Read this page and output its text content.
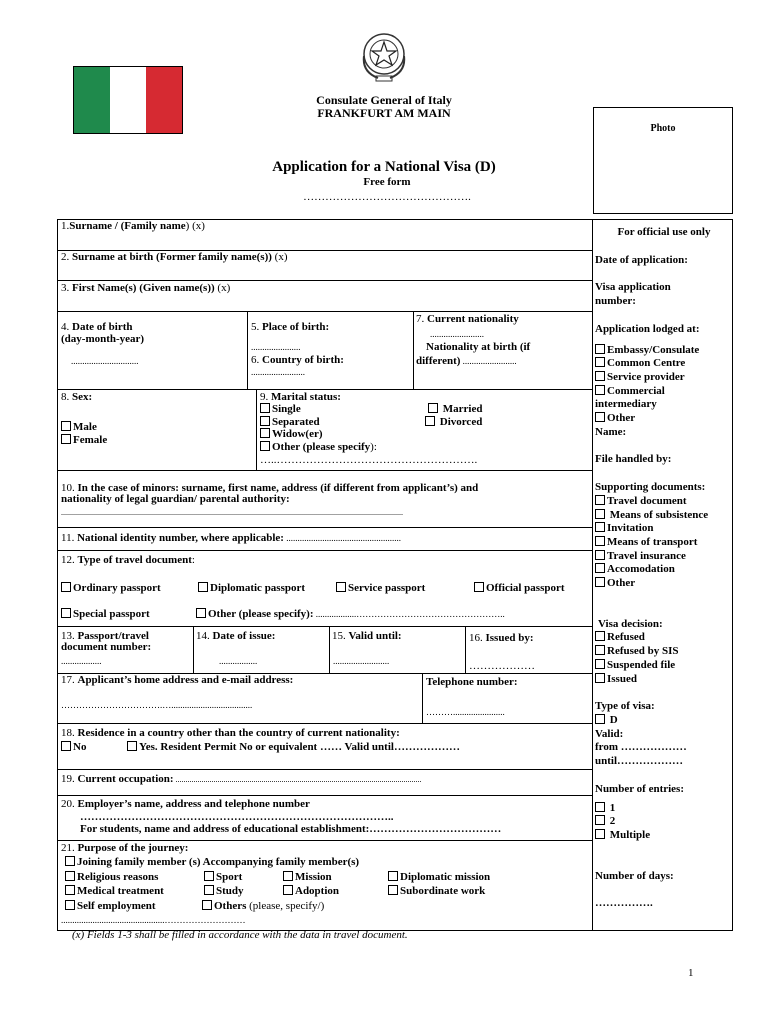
Consulate General of Italy
FRANKFURT AM MAIN
Photo
Application for a National Visa (D)
Free form
……………………………………….
1.Surname / (Family name) (x)
2. Surname at birth (Former family name(s)) (x)
3. First Name(s) (Given name(s)) (x)
4. Date of birth
(day-month-year)
..............................
5. Place of birth:
......................
6. Country of birth:
........................
7. Current nationality
........................
Nationality at birth (if
different) ........................
8. Sex:
Male
Female
9. Marital status:
Single	Married
Separated	Divorced
Widow(er)
Other (please specify):
…..……………………………………………….
10. In the case of minors: surname, first name, address (if different from applicant’s) and
nationality of legal guardian/ parental authority:
...........................................................................................................................................................................
11. National identity number, where applicable: ...................................................
12. Type of travel document:
Ordinary passport	Diplomatic passport	Service passport	Official passport
Special passport	Other (please specify): ..................…………………………………………..
13. Passport/travel
document number:
..................
14. Date of issue:
.................
15. Valid until:
.........................
16. Issued by:
………………
17. Applicant’s home address and e-mail address:
…………………………….…....................................
Telephone number:
……….......................
18. Residence in a country other than the country of current nationality:
No	Yes. Resident Permit No or equivalent …… Valid until………………
19. Current occupation: ...........................................................................................................................
20. Employer’s name, address and telephone number
…………………………………………………………………………..
For students, name and address of educational establishment:………………………………
21. Purpose of the journey:
Joining family member (s) Accompanying family member(s)
Religious reasons	Sport	Mission	Diplomatic mission
Medical treatment	Study	Adoption	Subordinate work
Self employment	Others (please, specify/)
..............................................………………………
(x) Fields 1-3 shall be filled in accordance with the data in travel document.
1
For official use only
Date of application:
Visa application
number:
Application lodged at:
Embassy/Consulate
Common Centre
Service provider
Commercial
intermediary
Other
Name:
File handled by:
Supporting documents:
Travel document
Means of subsistence
Invitation
Means of transport
Travel insurance
Accomodation
Other
Visa decision:
Refused
Refused by SIS
Suspended file
Issued
Type of visa:
D
Valid:
from ………………
until………………
Number of entries:
1
2
Multiple
Number of days:
…………….
